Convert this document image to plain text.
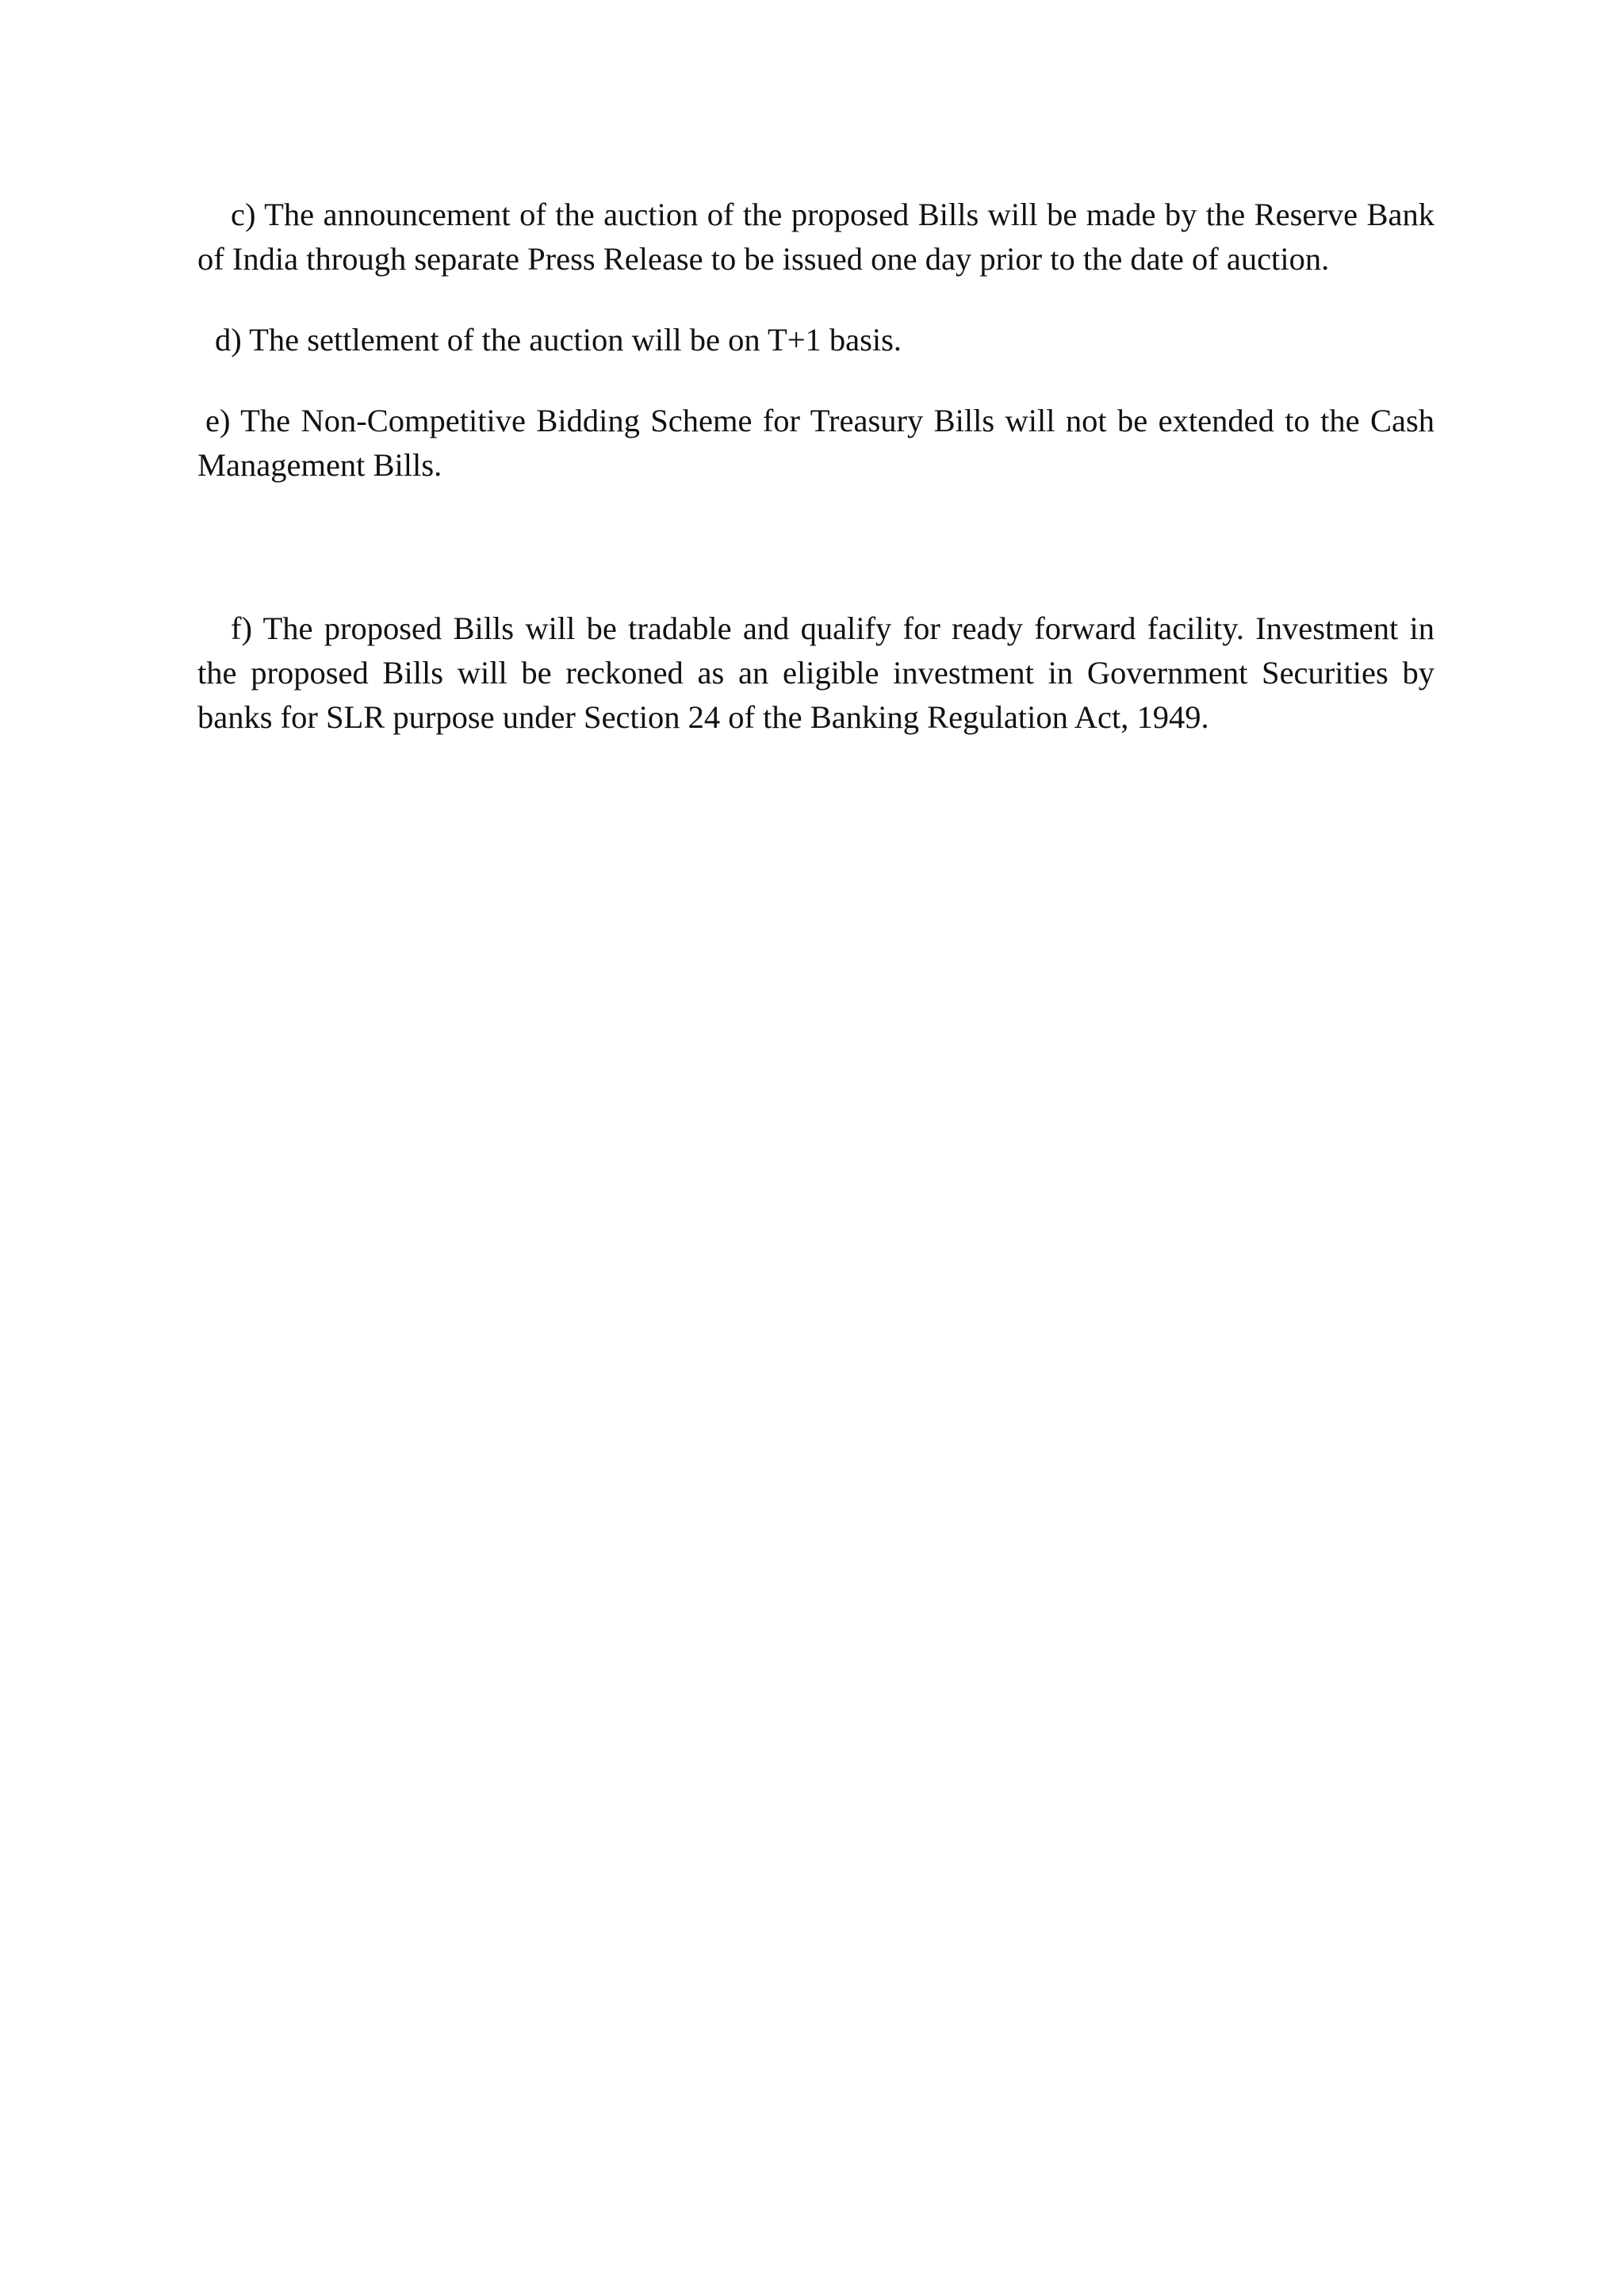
c) The announcement of the auction of the proposed Bills will be made by the Reserve Bank of India through separate Press Release to be issued one day prior to the date of auction.

d) The settlement of the auction will be on T+1 basis.

e) The Non-Competitive Bidding Scheme for Treasury Bills will not be extended to the Cash Management Bills.

f) The proposed Bills will be tradable and qualify for ready forward facility. Investment in the proposed Bills will be reckoned as an eligible investment in Government Securities by banks for SLR purpose under Section 24 of the Banking Regulation Act, 1949.
